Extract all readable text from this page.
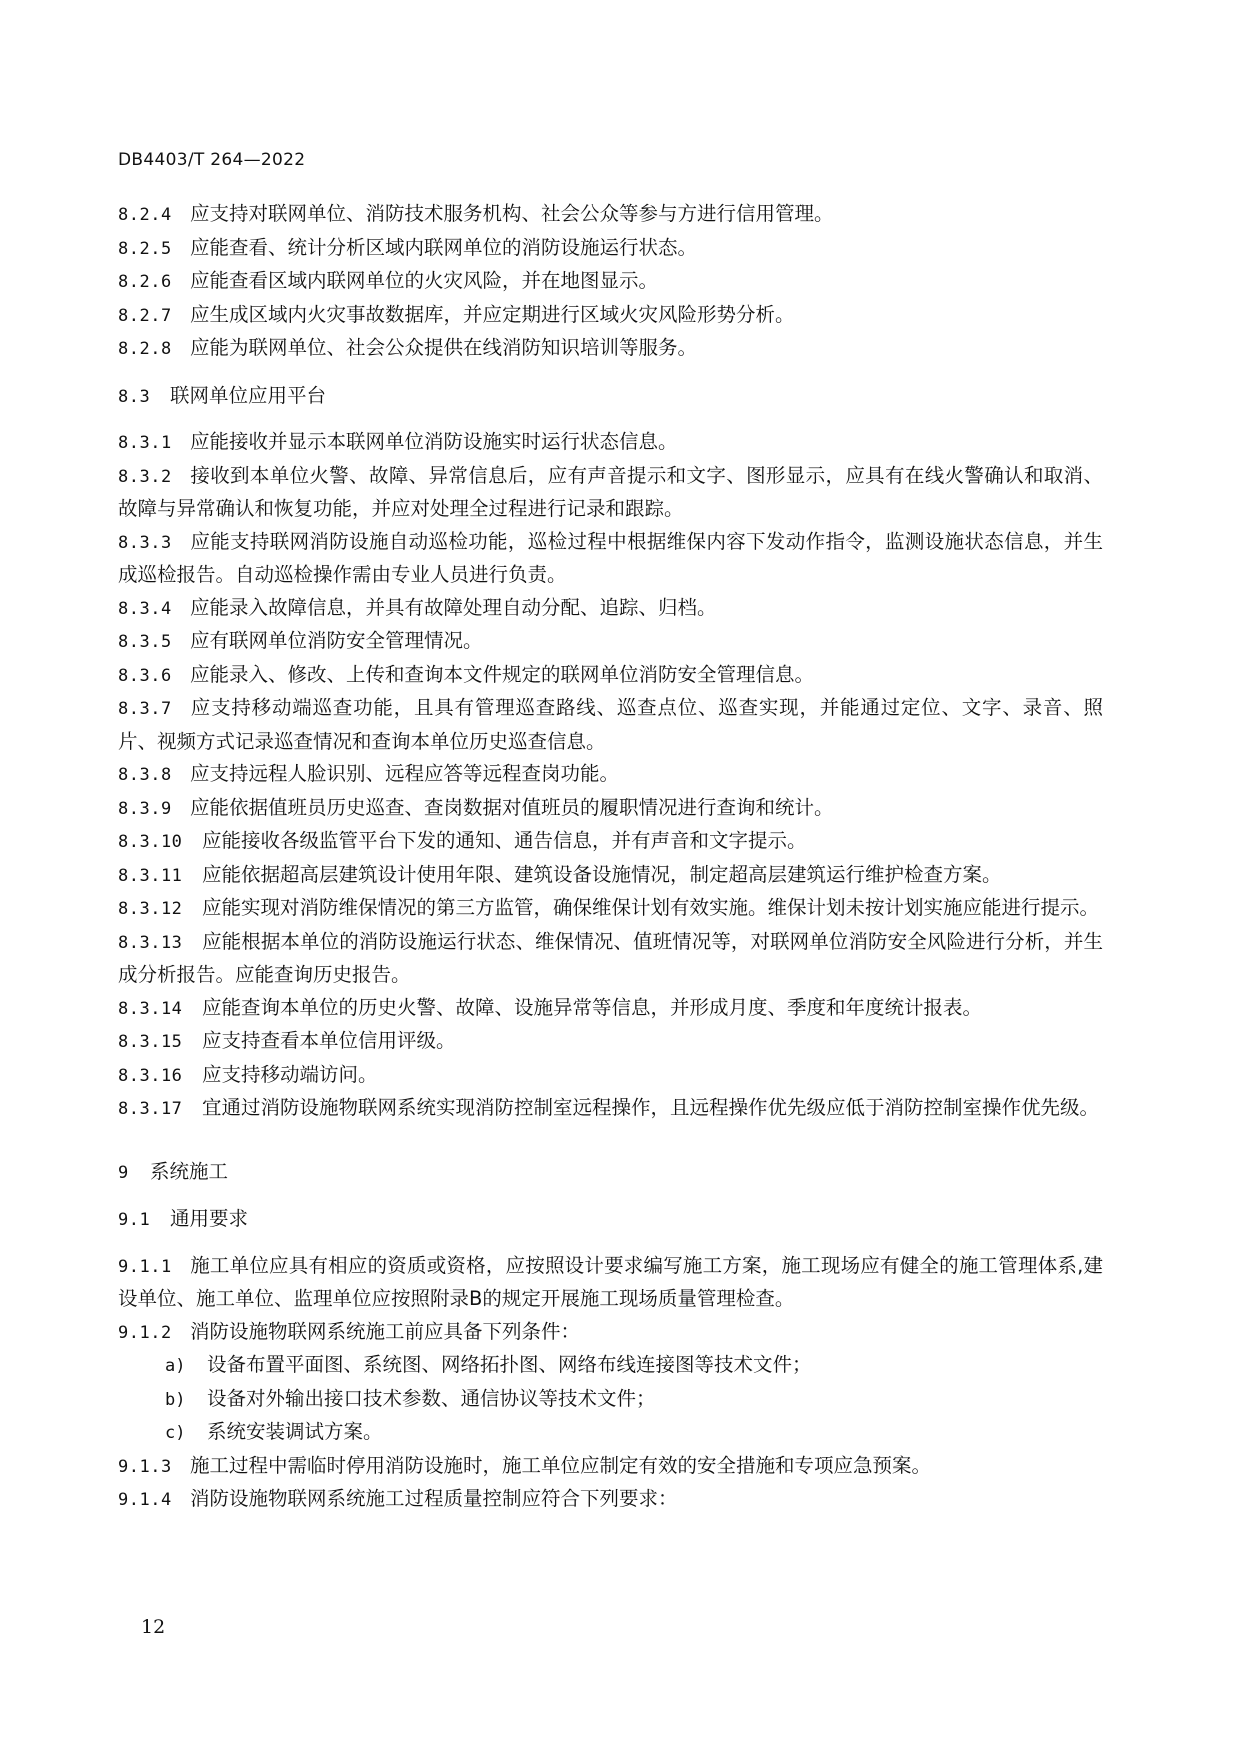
DB4403/T 264—2022

8.2.4 应支持对联网单位、消防技术服务机构、社会公众等参与方进行信用管理。

8.2.5 应能查看、统计分析区域内联网单位的消防设施运行状态。

8.2.6 应能查看区域内联网单位的火灾风险，并在地图显示。

8.2.7 应生成区域内火灾事故数据库，并应定期进行区域火灾风险形势分析。

8.2.8 应能为联网单位、社会公众提供在线消防知识培训等服务。

8.3 联网单位应用平台

8.3.1 应能接收并显示本联网单位消防设施实时运行状态信息。

8.3.2 接收到本单位火警、故障、异常信息后，应有声音提示和文字、图形显示，应具有在线火警确认和取消、故障与异常确认和恢复功能，并应对处理全过程进行记录和跟踪。

8.3.3 应能支持联网消防设施自动巡检功能，巡检过程中根据维保内容下发动作指令，监测设施状态信息，并生成巡检报告。自动巡检操作需由专业人员进行负责。

8.3.4 应能录入故障信息，并具有故障处理自动分配、追踪、归档。

8.3.5 应有联网单位消防安全管理情况。

8.3.6 应能录入、修改、上传和查询本文件规定的联网单位消防安全管理信息。

8.3.7 应支持移动端巡查功能，且具有管理巡查路线、巡查点位、巡查实现，并能通过定位、文字、录音、照片、视频方式记录巡查情况和查询本单位历史巡查信息。

8.3.8 应支持远程人脸识别、远程应答等远程查岗功能。

8.3.9 应能依据值班员历史巡查、查岗数据对值班员的履职情况进行查询和统计。

8.3.10 应能接收各级监管平台下发的通知、通告信息，并有声音和文字提示。

8.3.11 应能依据超高层建筑设计使用年限、建筑设备设施情况，制定超高层建筑运行维护检查方案。

8.3.12 应能实现对消防维保情况的第三方监管，确保维保计划有效实施。维保计划未按计划实施应能进行提示。

8.3.13 应能根据本单位的消防设施运行状态、维保情况、值班情况等，对联网单位消防安全风险进行分析，并生成分析报告。应能查询历史报告。

8.3.14 应能查询本单位的历史火警、故障、设施异常等信息，并形成月度、季度和年度统计报表。

8.3.15 应支持查看本单位信用评级。

8.3.16 应支持移动端访问。

8.3.17 宜通过消防设施物联网系统实现消防控制室远程操作，且远程操作优先级应低于消防控制室操作优先级。

9 系统施工

9.1 通用要求

9.1.1 施工单位应具有相应的资质或资格，应按照设计要求编写施工方案，施工现场应有健全的施工管理体系,建设单位、施工单位、监理单位应按照附录B的规定开展施工现场质量管理检查。

9.1.2 消防设施物联网系统施工前应具备下列条件：

a) 设备布置平面图、系统图、网络拓扑图、网络布线连接图等技术文件；

b) 设备对外输出接口技术参数、通信协议等技术文件；

c) 系统安装调试方案。

9.1.3 施工过程中需临时停用消防设施时，施工单位应制定有效的安全措施和专项应急预案。

9.1.4 消防设施物联网系统施工过程质量控制应符合下列要求：

12
